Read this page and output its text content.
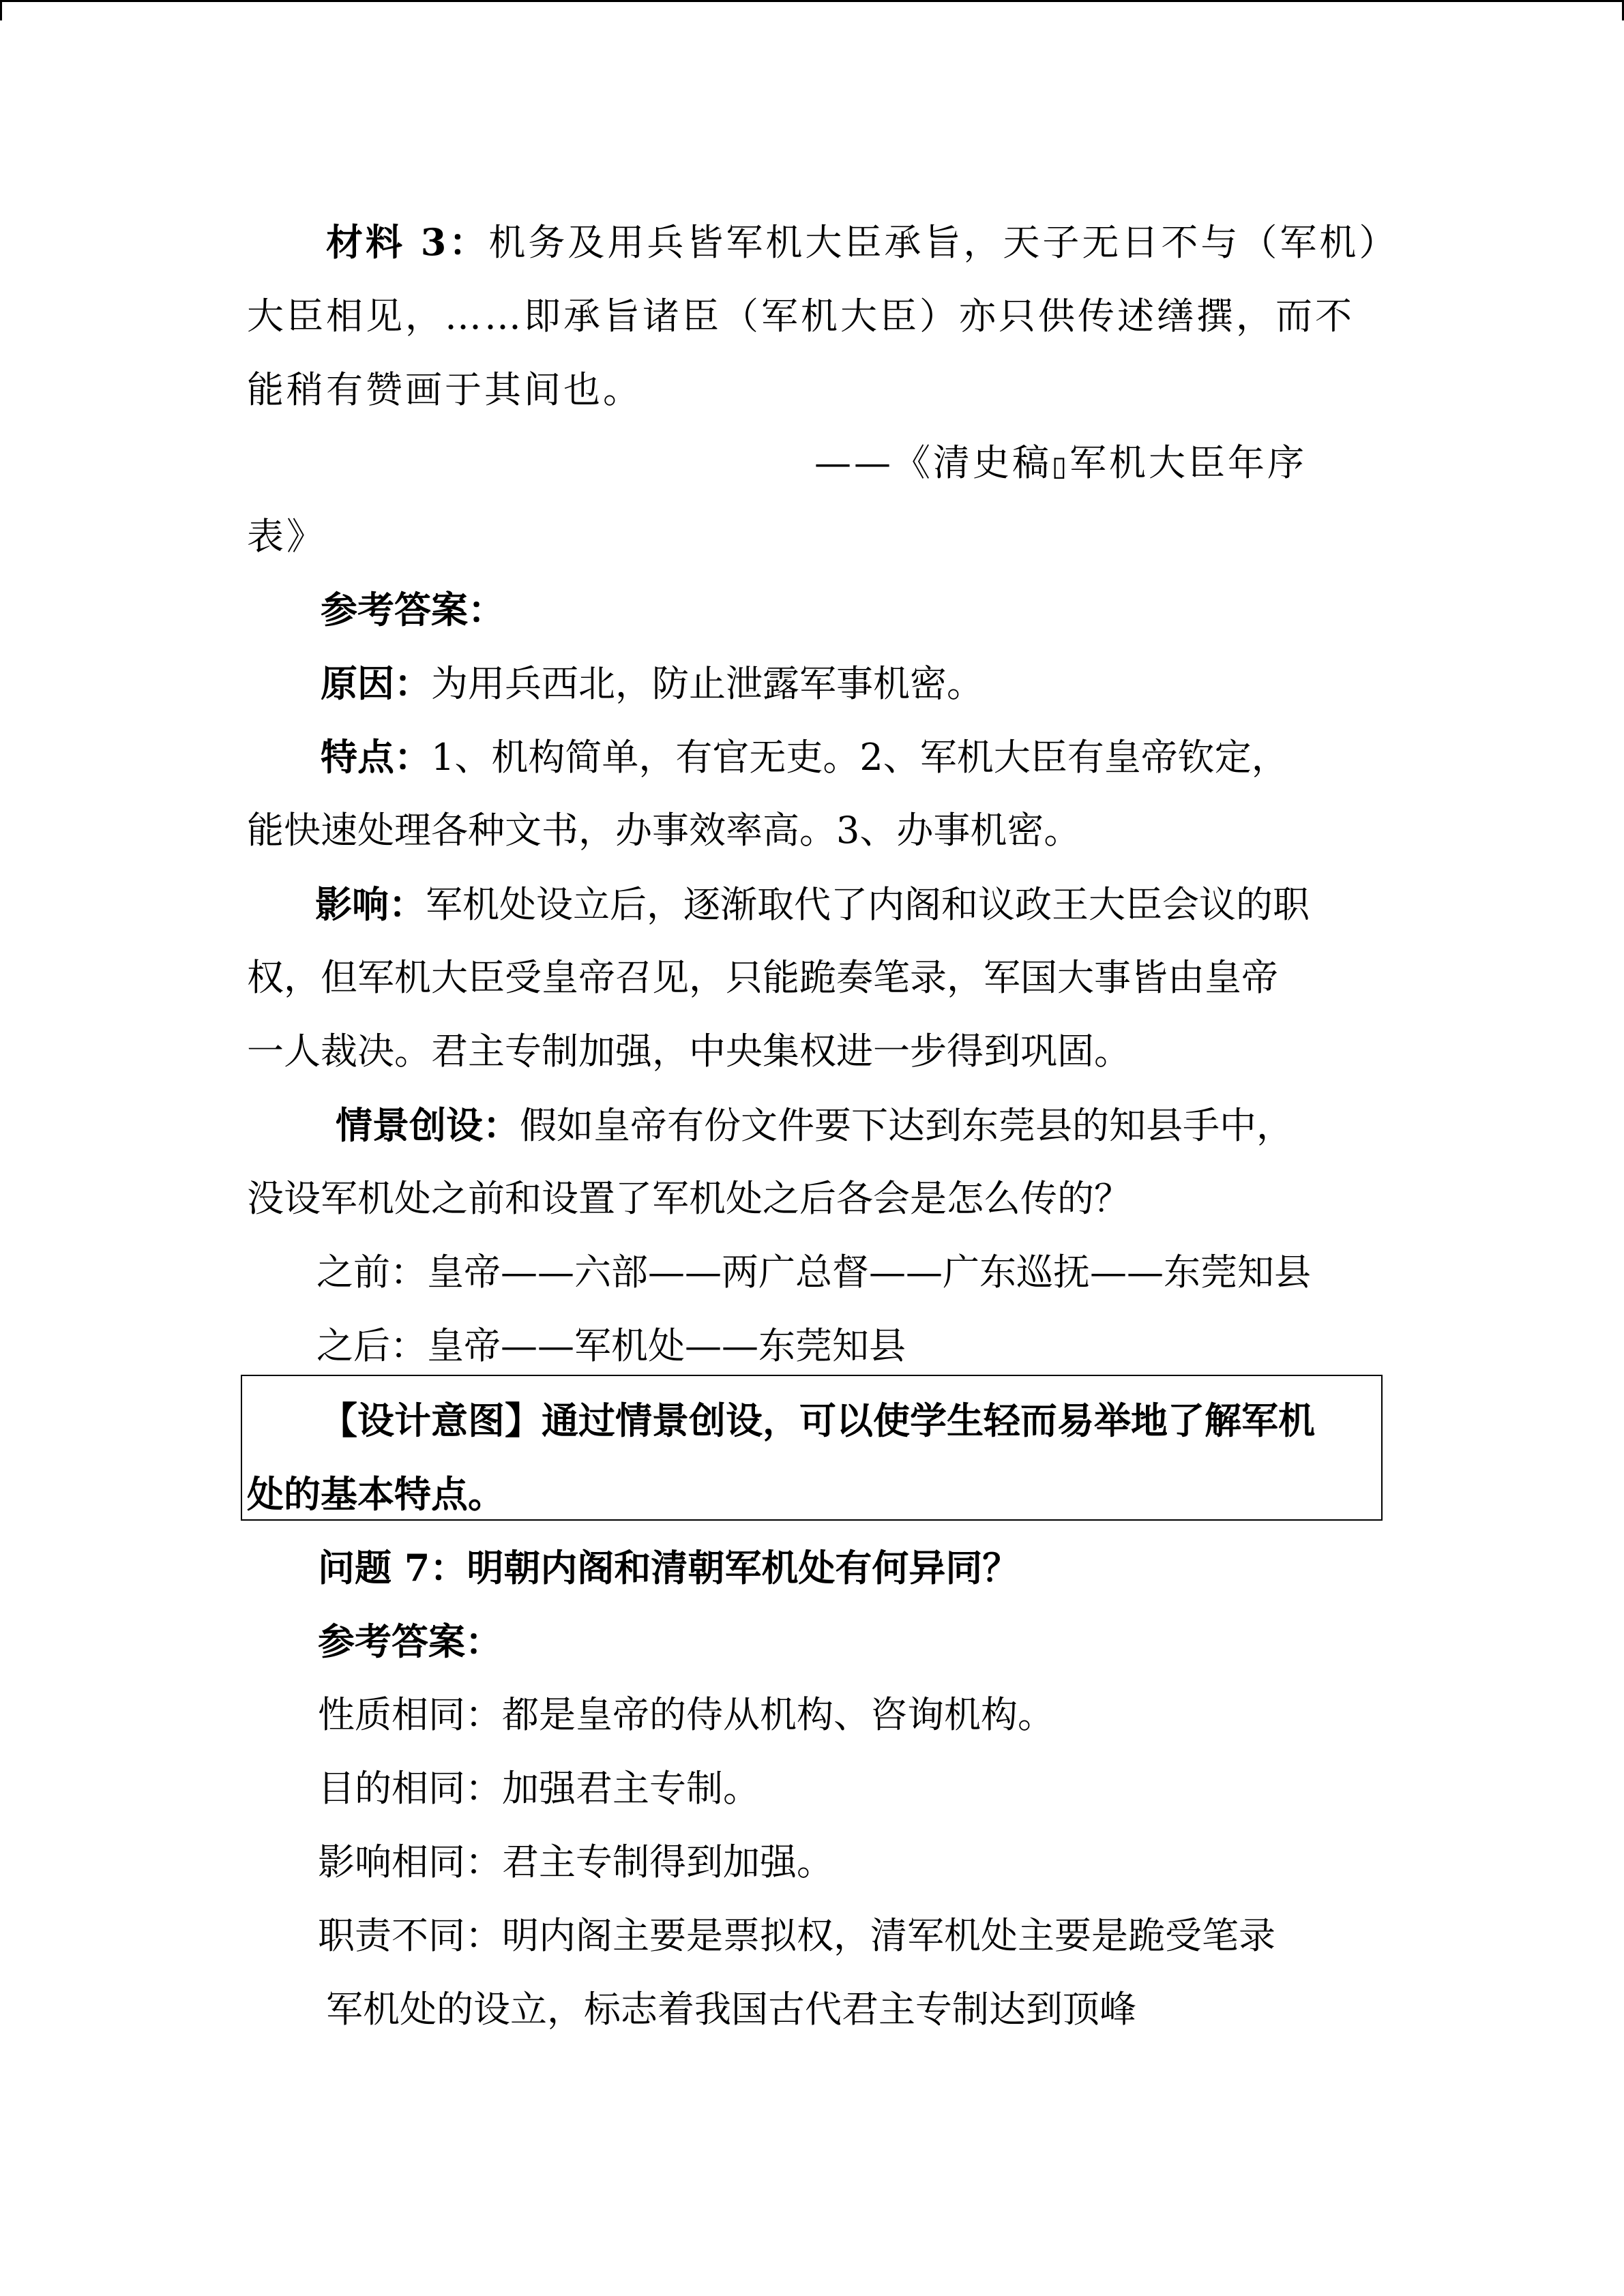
材料 3：机务及用兵皆军机大臣承旨，天子无日不与（军机）
大臣相见，……即承旨诸臣（军机大臣）亦只供传述缮撰，而不
能稍有赞画于其间也。
——《清史稿▯军机大臣年序
表》
参考答案：
原因：为用兵西北，防止泄露军事机密。
特点：1、机构简单，有官无吏。2、军机大臣有皇帝钦定，
能快速处理各种文书，办事效率高。3、办事机密。
影响：军机处设立后，逐渐取代了内阁和议政王大臣会议的职
权，但军机大臣受皇帝召见，只能跪奏笔录，军国大事皆由皇帝
一人裁决。君主专制加强，中央集权进一步得到巩固。
情景创设：假如皇帝有份文件要下达到东莞县的知县手中，
没设军机处之前和设置了军机处之后各会是怎么传的？
之前：皇帝——六部——两广总督——广东巡抚——东莞知县
之后：皇帝——军机处——东莞知县
【设计意图】通过情景创设，可以使学生轻而易举地了解军机
处的基本特点。
问题 7：明朝内阁和清朝军机处有何异同？
参考答案：
性质相同：都是皇帝的侍从机构、咨询机构。
目的相同：加强君主专制。
影响相同：君主专制得到加强。
职责不同：明内阁主要是票拟权，清军机处主要是跪受笔录
军机处的设立，标志着我国古代君主专制达到顶峰
